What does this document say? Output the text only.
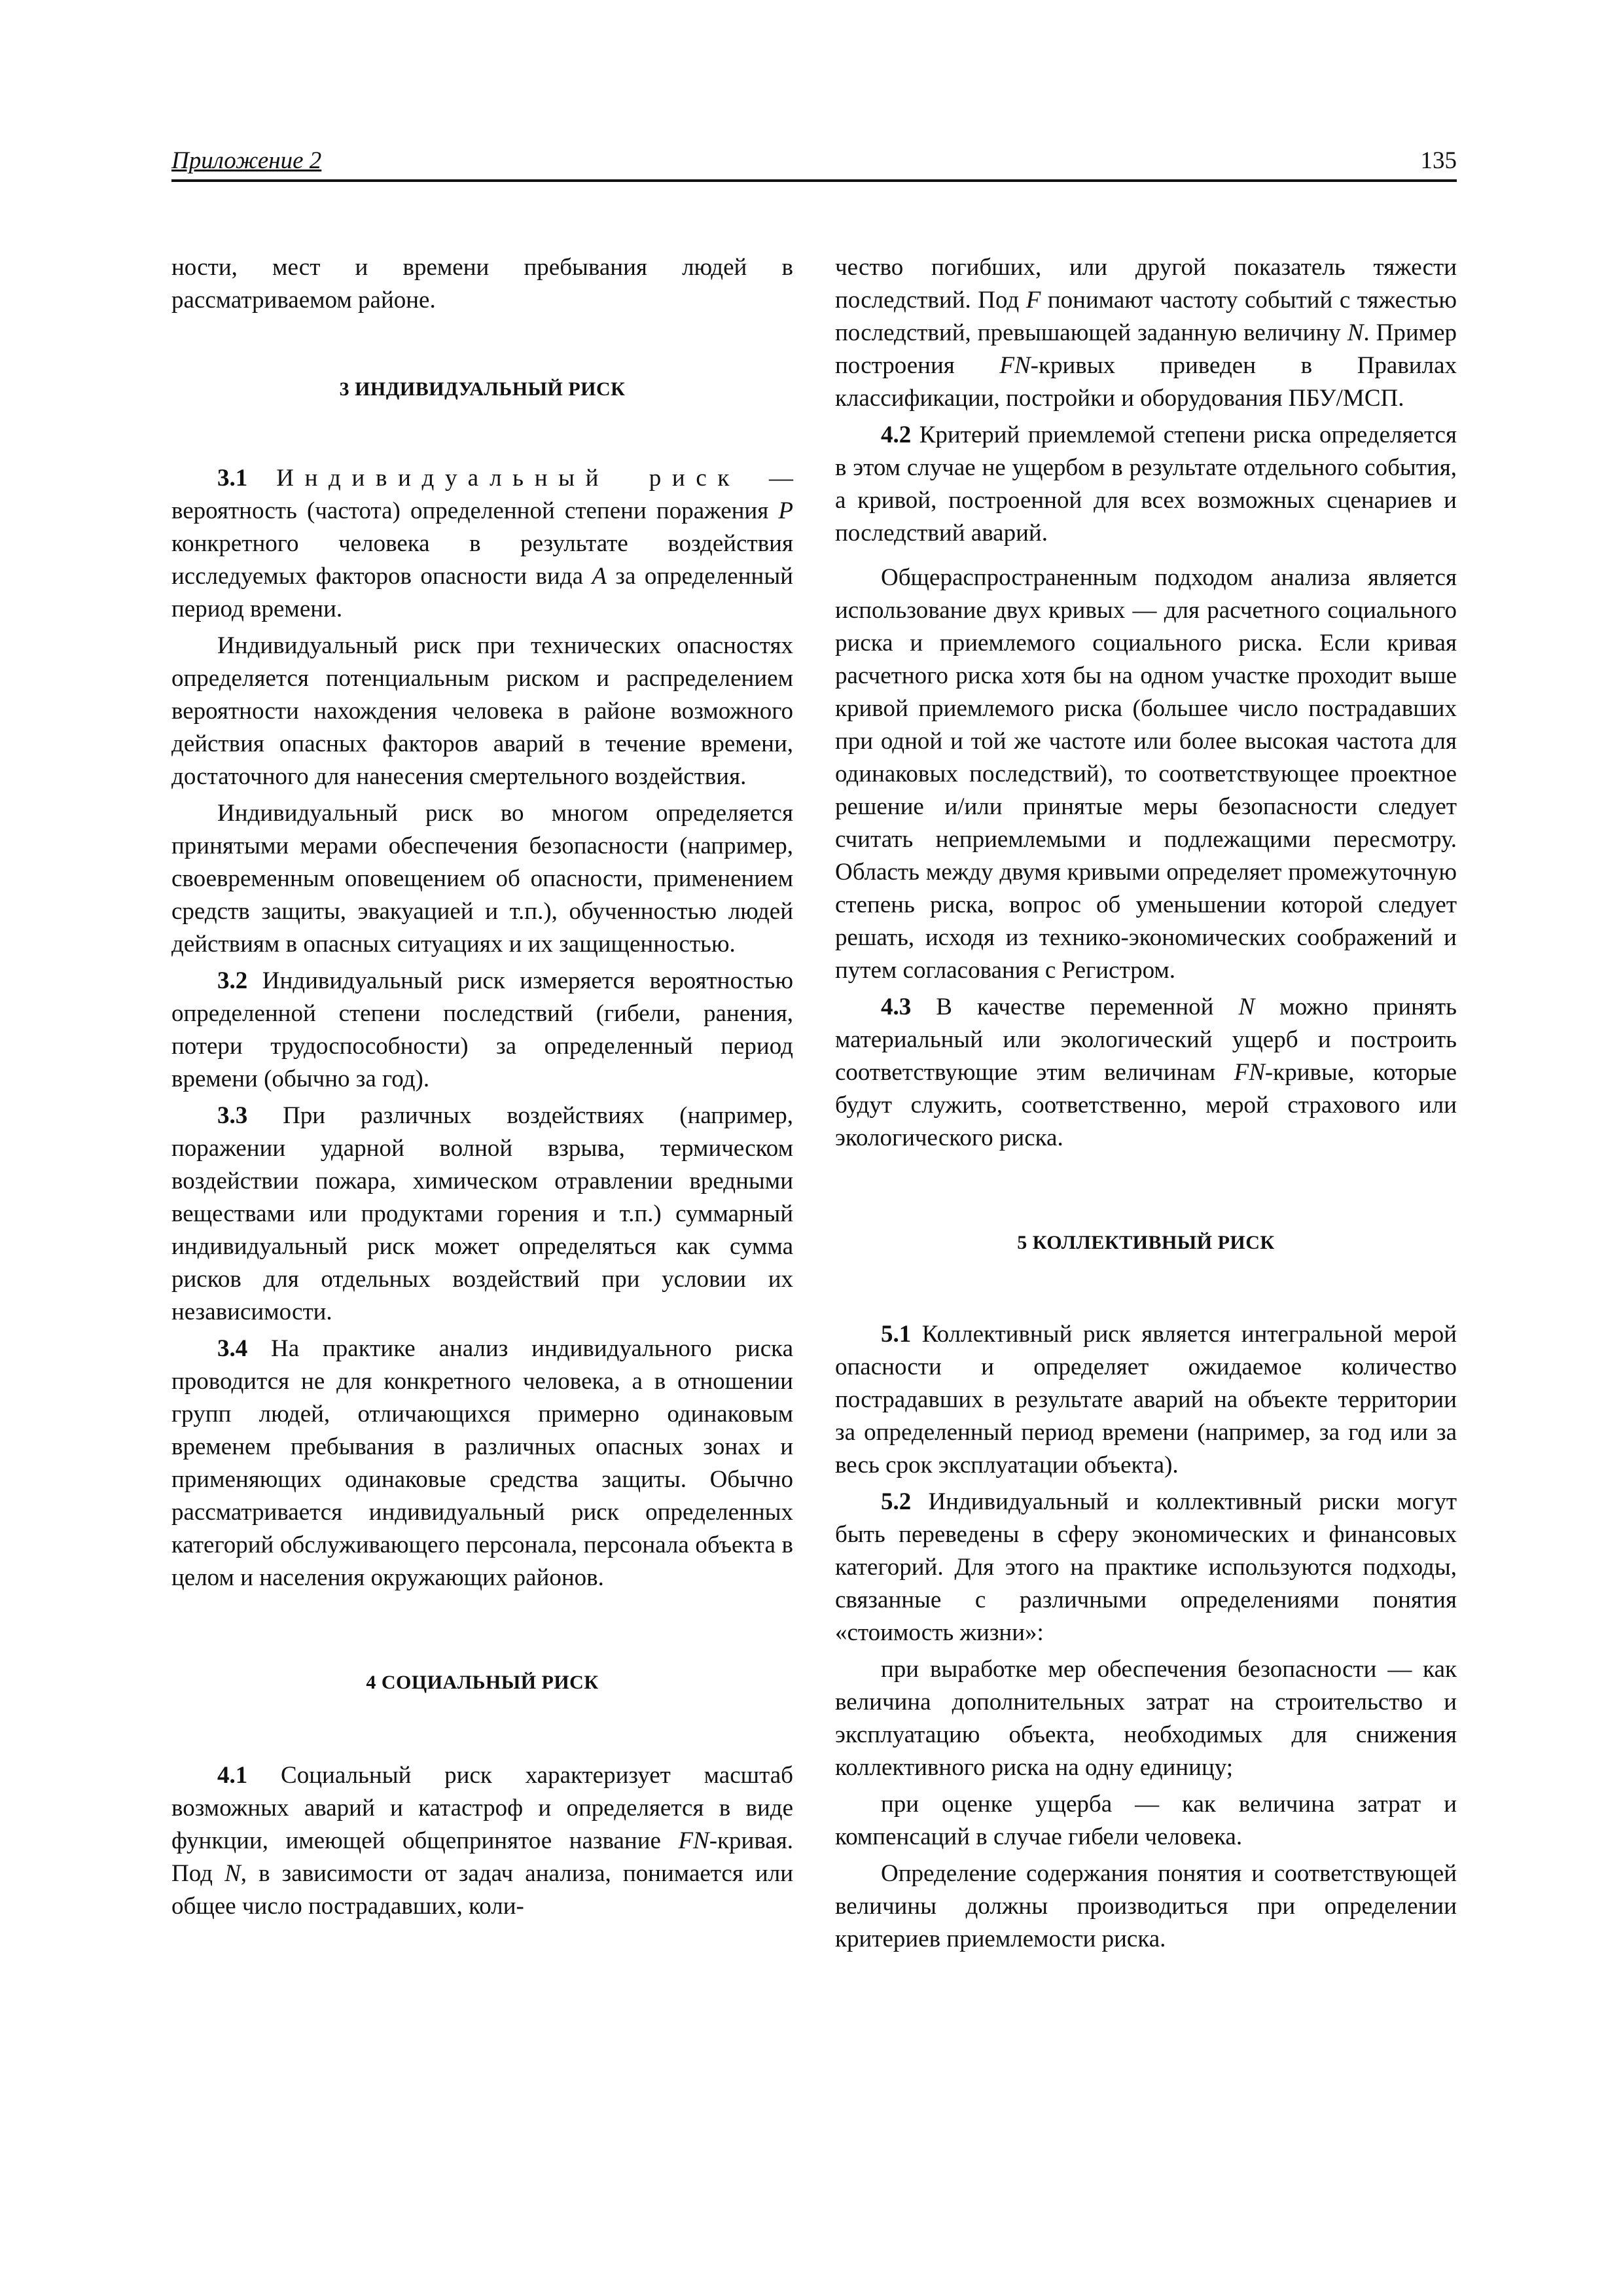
Приложение 2	135

ности, мест и времени пребывания людей в рассматриваемом районе.

3 ИНДИВИДУАЛЬНЫЙ РИСК

3.1 Индивидуальный риск — вероятность (частота) определенной степени поражения P конкретного человека в результате воздействия исследуемых факторов опасности вида A за определенный период времени.

Индивидуальный риск при технических опасностях определяется потенциальным риском и распределением вероятности нахождения человека в районе возможного действия опасных факторов аварий в течение времени, достаточного для нанесения смертельного воздействия.

Индивидуальный риск во многом определяется принятыми мерами обеспечения безопасности (например, своевременным оповещением об опасности, применением средств защиты, эвакуацией и т.п.), обученностью людей действиям в опасных ситуациях и их защищенностью.

3.2 Индивидуальный риск измеряется вероятностью определенной степени последствий (гибели, ранения, потери трудоспособности) за определенный период времени (обычно за год).

3.3 При различных воздействиях (например, поражении ударной волной взрыва, термическом воздействии пожара, химическом отравлении вредными веществами или продуктами горения и т.п.) суммарный индивидуальный риск может определяться как сумма рисков для отдельных воздействий при условии их независимости.

3.4 На практике анализ индивидуального риска проводится не для конкретного человека, а в отношении групп людей, отличающихся примерно одинаковым временем пребывания в различных опасных зонах и применяющих одинаковые средства защиты. Обычно рассматривается индивидуальный риск определенных категорий обслуживающего персонала, персонала объекта в целом и населения окружающих районов.

4 СОЦИАЛЬНЫЙ РИСК

4.1 Социальный риск характеризует масштаб возможных аварий и катастроф и определяется в виде функции, имеющей общепринятое название FN-кривая. Под N, в зависимости от задач анализа, понимается или общее число пострадавших, коли-

чество погибших, или другой показатель тяжести последствий. Под F понимают частоту событий с тяжестью последствий, превышающей заданную величину N. Пример построения FN-кривых приведен в Правилах классификации, постройки и оборудования ПБУ/МСП.

4.2 Критерий приемлемой степени риска определяется в этом случае не ущербом в результате отдельного события, а кривой, построенной для всех возможных сценариев и последствий аварий.

Общераспространенным подходом анализа является использование двух кривых — для расчетного социального риска и приемлемого социального риска. Если кривая расчетного риска хотя бы на одном участке проходит выше кривой приемлемого риска (большее число пострадавших при одной и той же частоте или более высокая частота для одинаковых последствий), то соответствующее проектное решение и/или принятые меры безопасности следует считать неприемлемыми и подлежащими пересмотру. Область между двумя кривыми определяет промежуточную степень риска, вопрос об уменьшении которой следует решать, исходя из технико-экономических соображений и путем согласования с Регистром.

4.3 В качестве переменной N можно принять материальный или экологический ущерб и построить соответствующие этим величинам FN-кривые, которые будут служить, соответственно, мерой страхового или экологического риска.

5 КОЛЛЕКТИВНЫЙ РИСК

5.1 Коллективный риск является интегральной мерой опасности и определяет ожидаемое количество пострадавших в результате аварий на объекте территории за определенный период времени (например, за год или за весь срок эксплуатации объекта).

5.2 Индивидуальный и коллективный риски могут быть переведены в сферу экономических и финансовых категорий. Для этого на практике используются подходы, связанные с различными определениями понятия «стоимость жизни»:

при выработке мер обеспечения безопасности — как величина дополнительных затрат на строительство и эксплуатацию объекта, необходимых для снижения коллективного риска на одну единицу;

при оценке ущерба — как величина затрат и компенсаций в случае гибели человека.

Определение содержания понятия и соответствующей величины должны производиться при определении критериев приемлемости риска.
